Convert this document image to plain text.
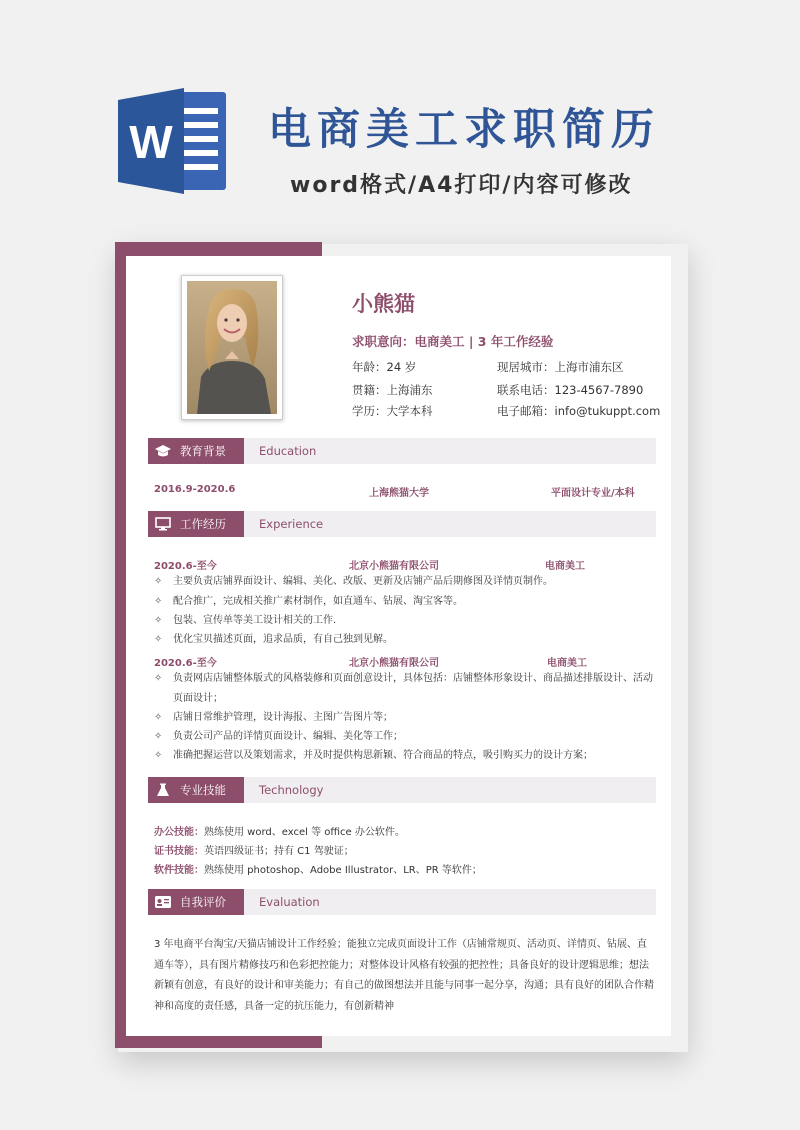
W 电商美工求职简历
word格式/A4打印/内容可修改
小熊猫
求职意向：电商美工 | 3 年工作经验
年龄：24 岁	现居城市：上海市浦东区
贯籍：上海浦东	联系电话：123-4567-7890
学历：大学本科	电子邮箱：info@tukuppt.com
教育背景	Education
2016.9-2020.6	上海熊猫大学	平面设计专业/本科
工作经历	Experience
2020.6-至今	北京小熊猫有限公司	电商美工
✧	主要负责店铺界面设计、编辑、美化、改版、更新及店铺产品后期修图及详情页制作。
✧	配合推广，完成相关推广素材制作，如直通车、钻展、淘宝客等。
✧	包装、宣传单等美工设计相关的工作.
✧	优化宝贝描述页面，追求品质，有自己独到见解。
2020.6-至今	北京小熊猫有限公司	电商美工
✧	负责网店店铺整体版式的风格装修和页面创意设计，具体包括：店铺整体形象设计、商品描述排版设计、活动页面设计；
✧	店铺日常维护管理，设计海报、主图广告图片等；
✧	负责公司产品的详情页面设计、编辑、美化等工作；
✧	准确把握运营以及策划需求，并及时提供构思新颖、符合商品的特点，吸引购买力的设计方案；
专业技能	Technology
办公技能：熟练使用 word、excel 等 office 办公软件。
证书技能：英语四级证书；持有 C1 驾驶证；
软件技能：熟练使用 photoshop、Adobe Illustrator、LR、PR 等软件；
自我评价	Evaluation
3 年电商平台淘宝/天猫店铺设计工作经验；能独立完成页面设计工作（店铺常规页、活动页、详情页、钻展、直通车等），具有图片精修技巧和色彩把控能力；对整体设计风格有较强的把控性；具备良好的设计逻辑思维；想法新颖有创意，有良好的设计和审美能力；有自己的做图想法并且能与同事一起分享，沟通；具有良好的团队合作精神和高度的责任感，具备一定的抗压能力，有创新精神
